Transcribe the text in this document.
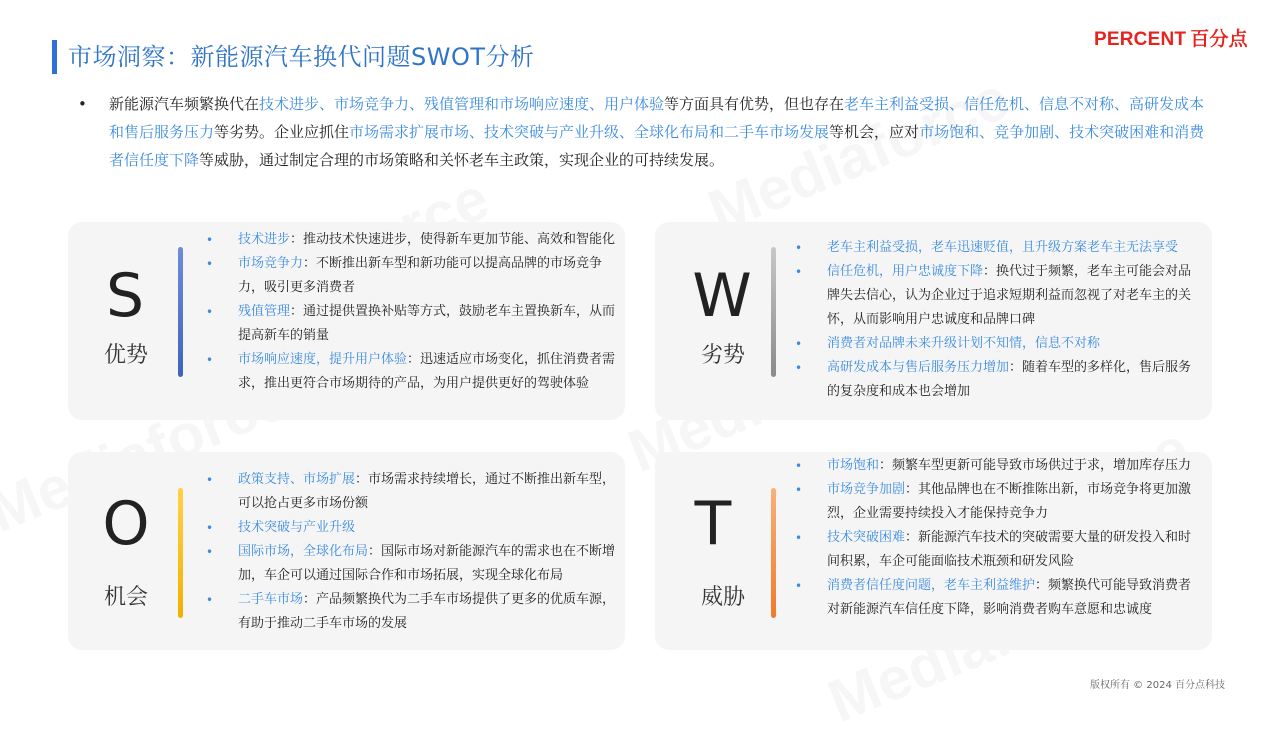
市场洞察：新能源汽车换代问题SWOT分析
PERCENT 百分点
• 新能源汽车频繁换代在技术进步、市场竞争力、残值管理和市场响应速度、用户体验等方面具有优势，但也存在老车主利益受损、信任危机、信息不对称、高研发成本和售后服务压力等劣势。企业应抓住市场需求扩展市场、技术突破与产业升级、全球化布局和二手车市场发展等机会，应对市场饱和、竞争加剧、技术突破困难和消费者信任度下降等威胁，通过制定合理的市场策略和关怀老车主政策，实现企业的可持续发展。

S
优势
• 技术进步：推动技术快速进步，使得新车更加节能、高效和智能化
• 市场竞争力：不断推出新车型和新功能可以提高品牌的市场竞争力，吸引更多消费者
• 残值管理：通过提供置换补贴等方式，鼓励老车主置换新车，从而提高新车的销量
• 市场响应速度，提升用户体验：迅速适应市场变化，抓住消费者需求，推出更符合市场期待的产品，为用户提供更好的驾驶体验
W
劣势
• 老车主利益受损，老车迅速贬值，且升级方案老车主无法享受
• 信任危机，用户忠诚度下降：换代过于频繁，老车主可能会对品牌失去信心，认为企业过于追求短期利益而忽视了对老车主的关怀，从而影响用户忠诚度和品牌口碑
• 消费者对品牌未来升级计划不知情，信息不对称
• 高研发成本与售后服务压力增加：随着车型的多样化，售后服务的复杂度和成本也会增加
O
机会
• 政策支持、市场扩展：市场需求持续增长，通过不断推出新车型，可以抢占更多市场份额
• 技术突破与产业升级
• 国际市场，全球化布局：国际市场对新能源汽车的需求也在不断增加，车企可以通过国际合作和市场拓展，实现全球化布局
• 二手车市场：产品频繁换代为二手车市场提供了更多的优质车源，有助于推动二手车市场的发展
T
威胁
• 市场饱和：频繁车型更新可能导致市场供过于求，增加库存压力
• 市场竞争加剧：其他品牌也在不断推陈出新，市场竞争将更加激烈，企业需要持续投入才能保持竞争力
• 技术突破困难：新能源汽车技术的突破需要大量的研发投入和时间积累，车企可能面临技术瓶颈和研发风险
• 消费者信任度问题，老车主利益维护：频繁换代可能导致消费者对新能源汽车信任度下降，影响消费者购车意愿和忠诚度
版权所有 © 2024 百分点科技
